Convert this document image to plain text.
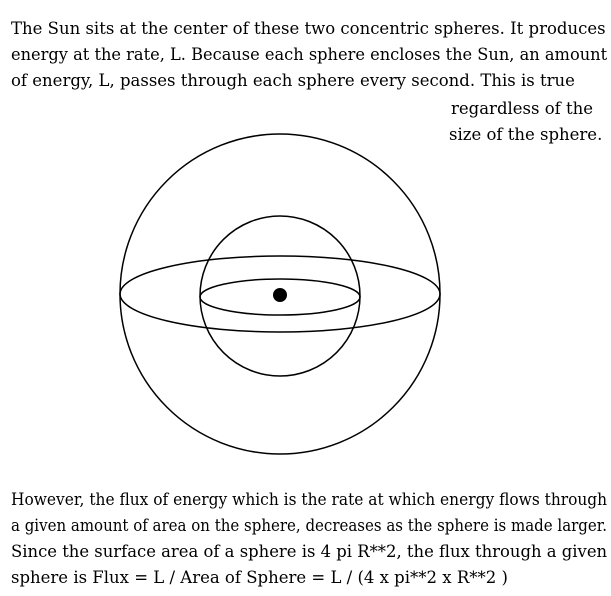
The Sun sits at the center of these two concentric spheres. It produces
energy at the rate, L. Because each sphere encloses the Sun, an amount
of energy, L, passes through each sphere every second. This is true
regardless of the
size of the sphere.
However, the flux of energy which is the rate at which energy flows through
a given amount of area on the sphere, decreases as the sphere is made larger.
Since the surface area of a sphere is 4 pi R**2, the flux through a given
sphere is Flux = L / Area of Sphere = L / (4 x pi**2 x R**2 )
